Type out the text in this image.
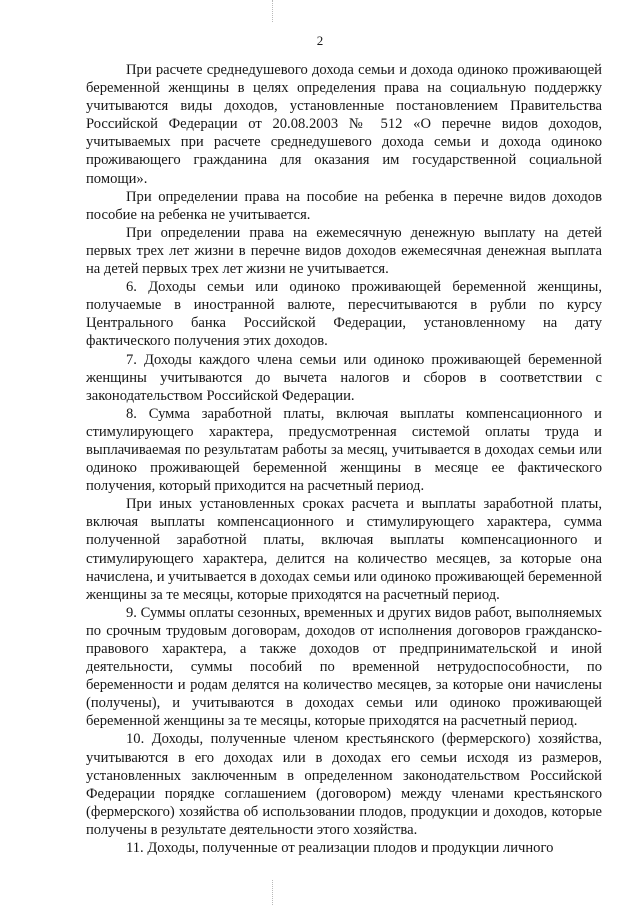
2

При расчете среднедушевого дохода семьи и дохода одиноко проживающей беременной женщины в целях определения права на социальную поддержку учитываются виды доходов, установленные постановлением Правительства Российской Федерации от 20.08.2003 № 512 «О перечне видов доходов, учитываемых при расчете среднедушевого дохода семьи и дохода одиноко проживающего гражданина для оказания им государственной социальной помощи».

При определении права на пособие на ребенка в перечне видов доходов пособие на ребенка не учитывается.

При определении права на ежемесячную денежную выплату на детей первых трех лет жизни в перечне видов доходов ежемесячная денежная выплата на детей первых трех лет жизни не учитывается.

6. Доходы семьи или одиноко проживающей беременной женщины, получаемые в иностранной валюте, пересчитываются в рубли по курсу Центрального банка Российской Федерации, установленному на дату фактического получения этих доходов.

7. Доходы каждого члена семьи или одиноко проживающей беременной женщины учитываются до вычета налогов и сборов в соответствии с законодательством Российской Федерации.

8. Сумма заработной платы, включая выплаты компенсационного и стимулирующего характера, предусмотренная системой оплаты труда и выплачиваемая по результатам работы за месяц, учитывается в доходах семьи или одиноко проживающей беременной женщины в месяце ее фактического получения, который приходится на расчетный период.

При иных установленных сроках расчета и выплаты заработной платы, включая выплаты компенсационного и стимулирующего характера, сумма полученной заработной платы, включая выплаты компенсационного и стимулирующего характера, делится на количество месяцев, за которые она начислена, и учитывается в доходах семьи или одиноко проживающей беременной женщины за те месяцы, которые приходятся на расчетный период.

9. Суммы оплаты сезонных, временных и других видов работ, выполняемых по срочным трудовым договорам, доходов от исполнения договоров гражданско-правового характера, а также доходов от предпринимательской и иной деятельности, суммы пособий по временной нетрудоспособности, по беременности и родам делятся на количество месяцев, за которые они начислены (получены), и учитываются в доходах семьи или одиноко проживающей беременной женщины за те месяцы, которые приходятся на расчетный период.

10. Доходы, полученные членом крестьянского (фермерского) хозяйства, учитываются в его доходах или в доходах его семьи исходя из размеров, установленных заключенным в определенном законодательством Российской Федерации порядке соглашением (договором) между членами крестьянского (фермерского) хозяйства об использовании плодов, продукции и доходов, которые получены в результате деятельности этого хозяйства.

11. Доходы, полученные от реализации плодов и продукции личного
